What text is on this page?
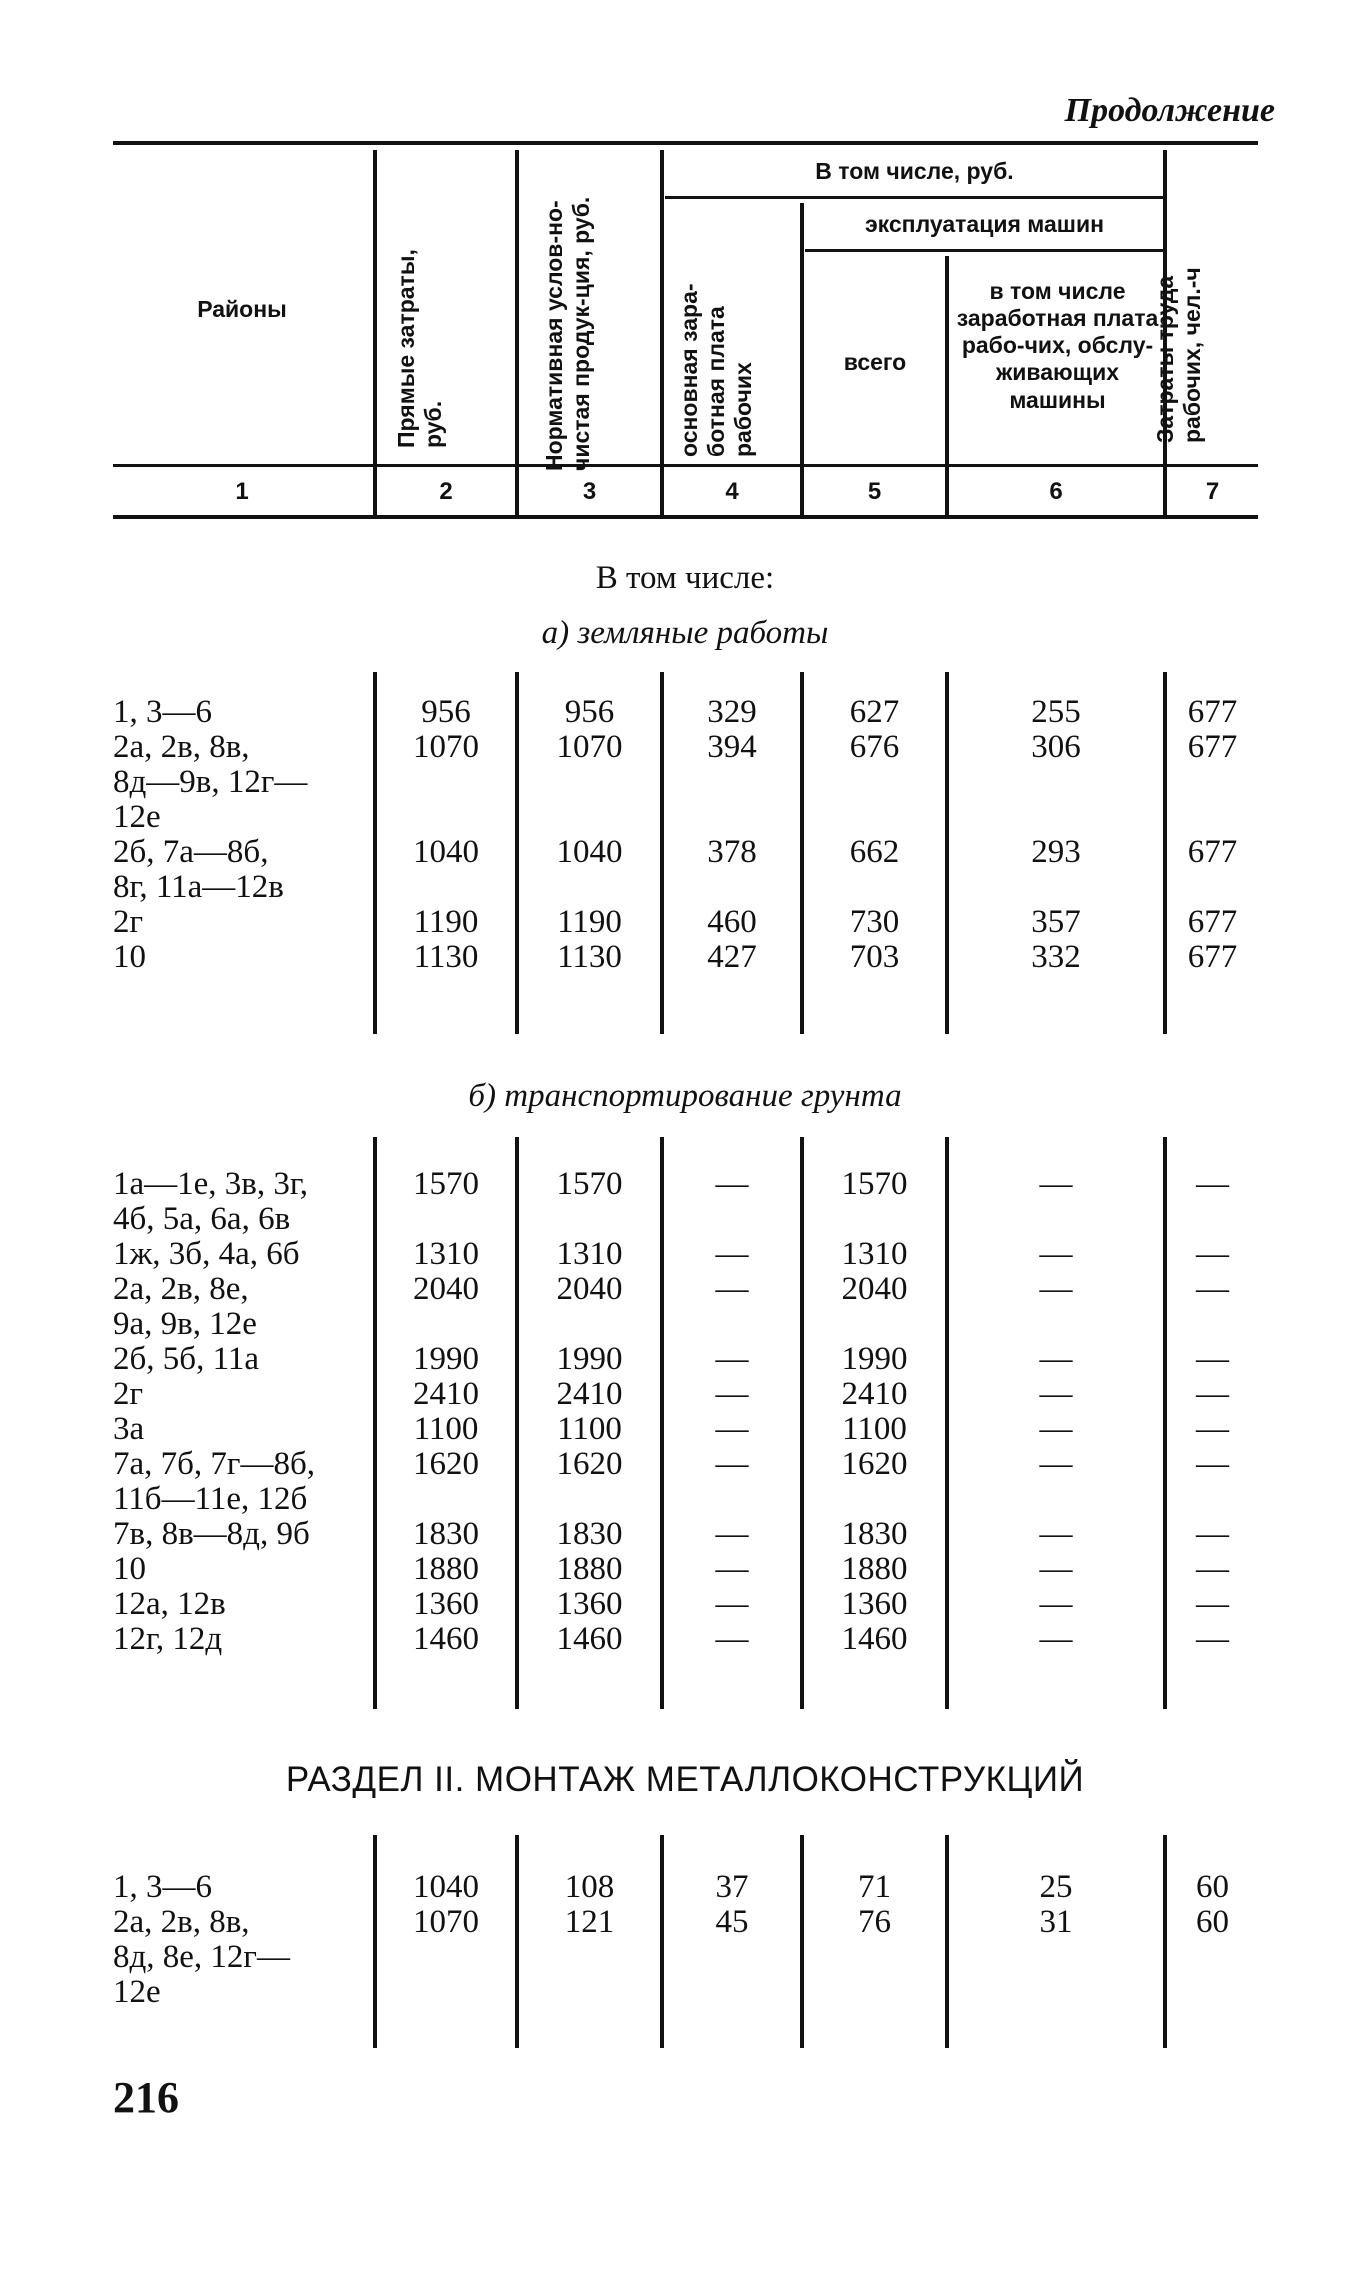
Продолжение
Районы	Прямые затраты, руб.	Нормативная услов-но-чистая продук-ция, руб.
В том числе, руб.
основная зара-ботная плата рабочих
эксплуатация машин
всего
в том числе заработная плата рабо-чих, обслу-живающих машины	Затраты труда рабочих, чел.-ч
1	2	3	4	5	6	7
В том числе:
а) земляные работы
1, 3—6	956	956	329	627	255	677
2а, 2в, 8в,
8д—9в, 12г—
12е
1070	1070	394	676	306	677
2б, 7а—8б,
8г, 11а—12в
1040	1040	378	662	293	677
2г	1190	1190	460	730	357	677
10	1130	1130	427	703	332	677
б) транспортирование грунта
1а—1е, 3в, 3г,
4б, 5а, 6а, 6в
1570	1570	—	1570	—	—
1ж, 3б, 4а, 6б	1310	1310	—	1310	—	—
2а, 2в, 8е,
9а, 9в, 12е
2040	2040	—	2040	—	—
2б, 5б, 11а	1990	1990	—	1990	—	—
2г	2410	2410	—	2410	—	—
3а	1100	1100	—	1100	—	—
7а, 7б, 7г—8б,
11б—11е, 12б
1620	1620	—	1620	—	—
7в, 8в—8д, 9б	1830	1830	—	1830	—	—
10	1880	1880	—	1880	—	—
12а, 12в	1360	1360	—	1360	—	—
12г, 12д	1460	1460	—	1460	—	—
РАЗДЕЛ II. МОНТАЖ МЕТАЛЛОКОНСТРУКЦИЙ
1, 3—6	1040	108	37	71	25	60
2а, 2в, 8в,
8д, 8е, 12г—
12е
1070	121	45	76	31	60
216
